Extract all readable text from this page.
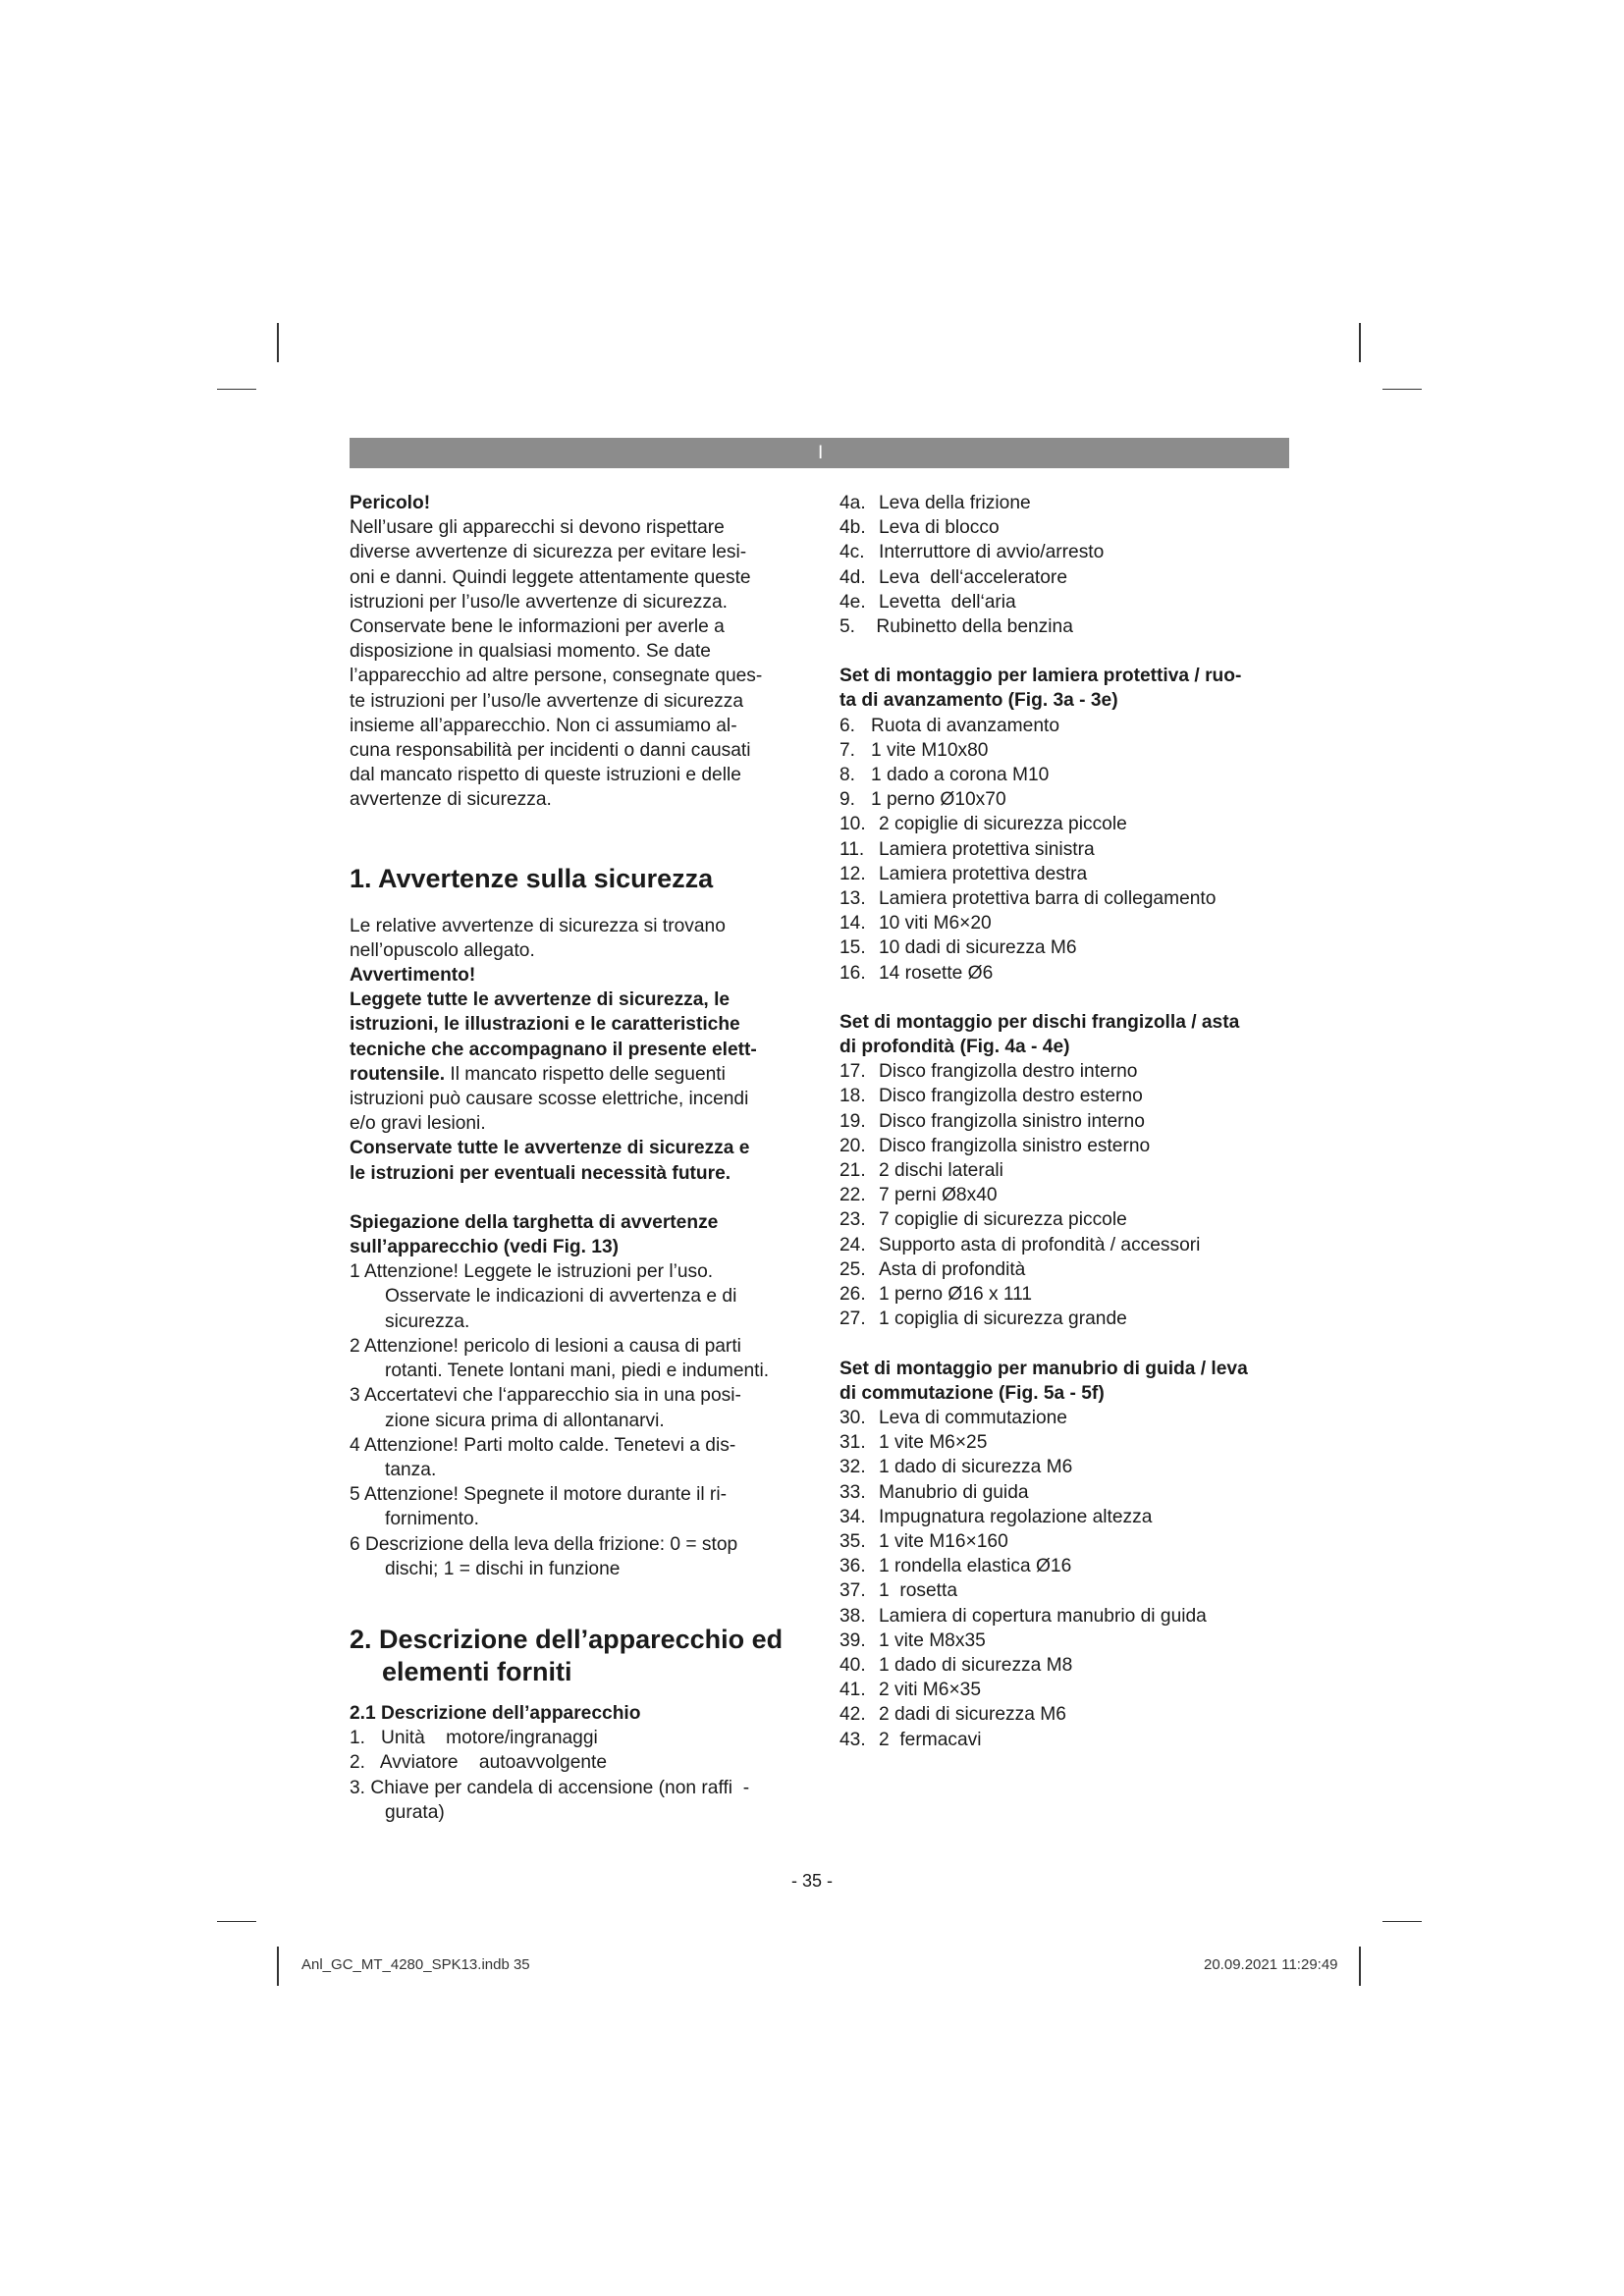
I

Pericolo!

Nell’usare gli apparecchi si devono rispettare
diverse avvertenze di sicurezza per evitare lesi-
oni e danni. Quindi leggete attentamente queste
istruzioni per l’uso/le avvertenze di sicurezza.
Conservate bene le informazioni per averle a
disposizione in qualsiasi momento. Se date
l’apparecchio ad altre persone, consegnate ques-
te istruzioni per l’uso/le avvertenze di sicurezza
insieme all’apparecchio. Non ci assumiamo al-
cuna responsabilità per incidenti o danni causati
dal mancato rispetto di queste istruzioni e delle
avvertenze di sicurezza.
1. Avvertenze sulla sicurezza
Le relative avvertenze di sicurezza si trovano
nell’opuscolo allegato.

Avvertimento!

Leggete tutte le avvertenze di sicurezza, le
istruzioni, le illustrazioni e le caratteristiche
tecniche che accompagnano il presente elett-

routensile. Il mancato rispetto delle seguenti

istruzioni può causare scosse elettriche, incendi
e/o gravi lesioni.
Conservate tutte le avvertenze di sicurezza e
le istruzioni per eventuali necessità future.
Spiegazione della targhetta di avvertenze
sull’apparecchio (vedi Fig. 13)
1 Attenzione! Leggete le istruzioni per l’uso.
Osservate le indicazioni di avvertenza e di
sicurezza.
2 Attenzione! pericolo di lesioni a causa di parti
rotanti. Tenete lontani mani, piedi e indumenti.
3 Accertatevi che l‘apparecchio sia in una posi-
zione sicura prima di allontanarvi.
4 Attenzione! Parti molto calde. Tenetevi a dis-
tanza.
5 Attenzione! Spegnete il motore durante il ri-
fornimento.
6 Descrizione della leva della frizione: 0 = stop
dischi; 1 = dischi in funzione
2. Descrizione dell’apparecchio ed
elementi forniti
2.1 Descrizione dell’apparecchio
1.   Unità    motore/ingranaggi
2.   Avviatore    autoavvolgente
3. Chiave per candela di accensione (non raffi  -
gurata)
4a. Leva della frizione
4b. Leva di blocco
4c. Interruttore di avvio/arresto
4d. Leva  dell‘acceleratore
4e. Levetta  dell‘aria
5. Rubinetto della benzina
Set di montaggio per lamiera protettiva / ruo-
ta di avanzamento (Fig. 3a - 3e)
6. Ruota di avanzamento
7. 1 vite M10x80
8. 1 dado a corona M10
9. 1 perno Ø10x70
10. 2 copiglie di sicurezza piccole
11. Lamiera protettiva sinistra
12. Lamiera protettiva destra
13. Lamiera protettiva barra di collegamento
14. 10 viti M6×20
15. 10 dadi di sicurezza M6
16. 14 rosette Ø6
Set di montaggio per dischi frangizolla / asta
di profondità (Fig. 4a - 4e)
17. Disco frangizolla destro interno
18. Disco frangizolla destro esterno
19. Disco frangizolla sinistro interno
20. Disco frangizolla sinistro esterno
21. 2 dischi laterali
22. 7 perni Ø8x40
23. 7 copiglie di sicurezza piccole
24. Supporto asta di profondità / accessori
25. Asta di profondità
26. 1 perno Ø16 x 111
27. 1 copiglia di sicurezza grande
Set di montaggio per manubrio di guida / leva
di commutazione (Fig. 5a - 5f)
30. Leva di commutazione
31. 1 vite M6×25
32. 1 dado di sicurezza M6
33. Manubrio di guida
34. Impugnatura regolazione altezza
35. 1 vite M16×160
36. 1 rondella elastica Ø16
37. 1  rosetta
38. Lamiera di copertura manubrio di guida
39. 1 vite M8x35
40. 1 dado di sicurezza M8
41. 2 viti M6×35
42. 2 dadi di sicurezza M6
43. 2  fermacavi
- 35 -
Anl_GC_MT_4280_SPK13.indb 35	20.09.2021 11:29:49
